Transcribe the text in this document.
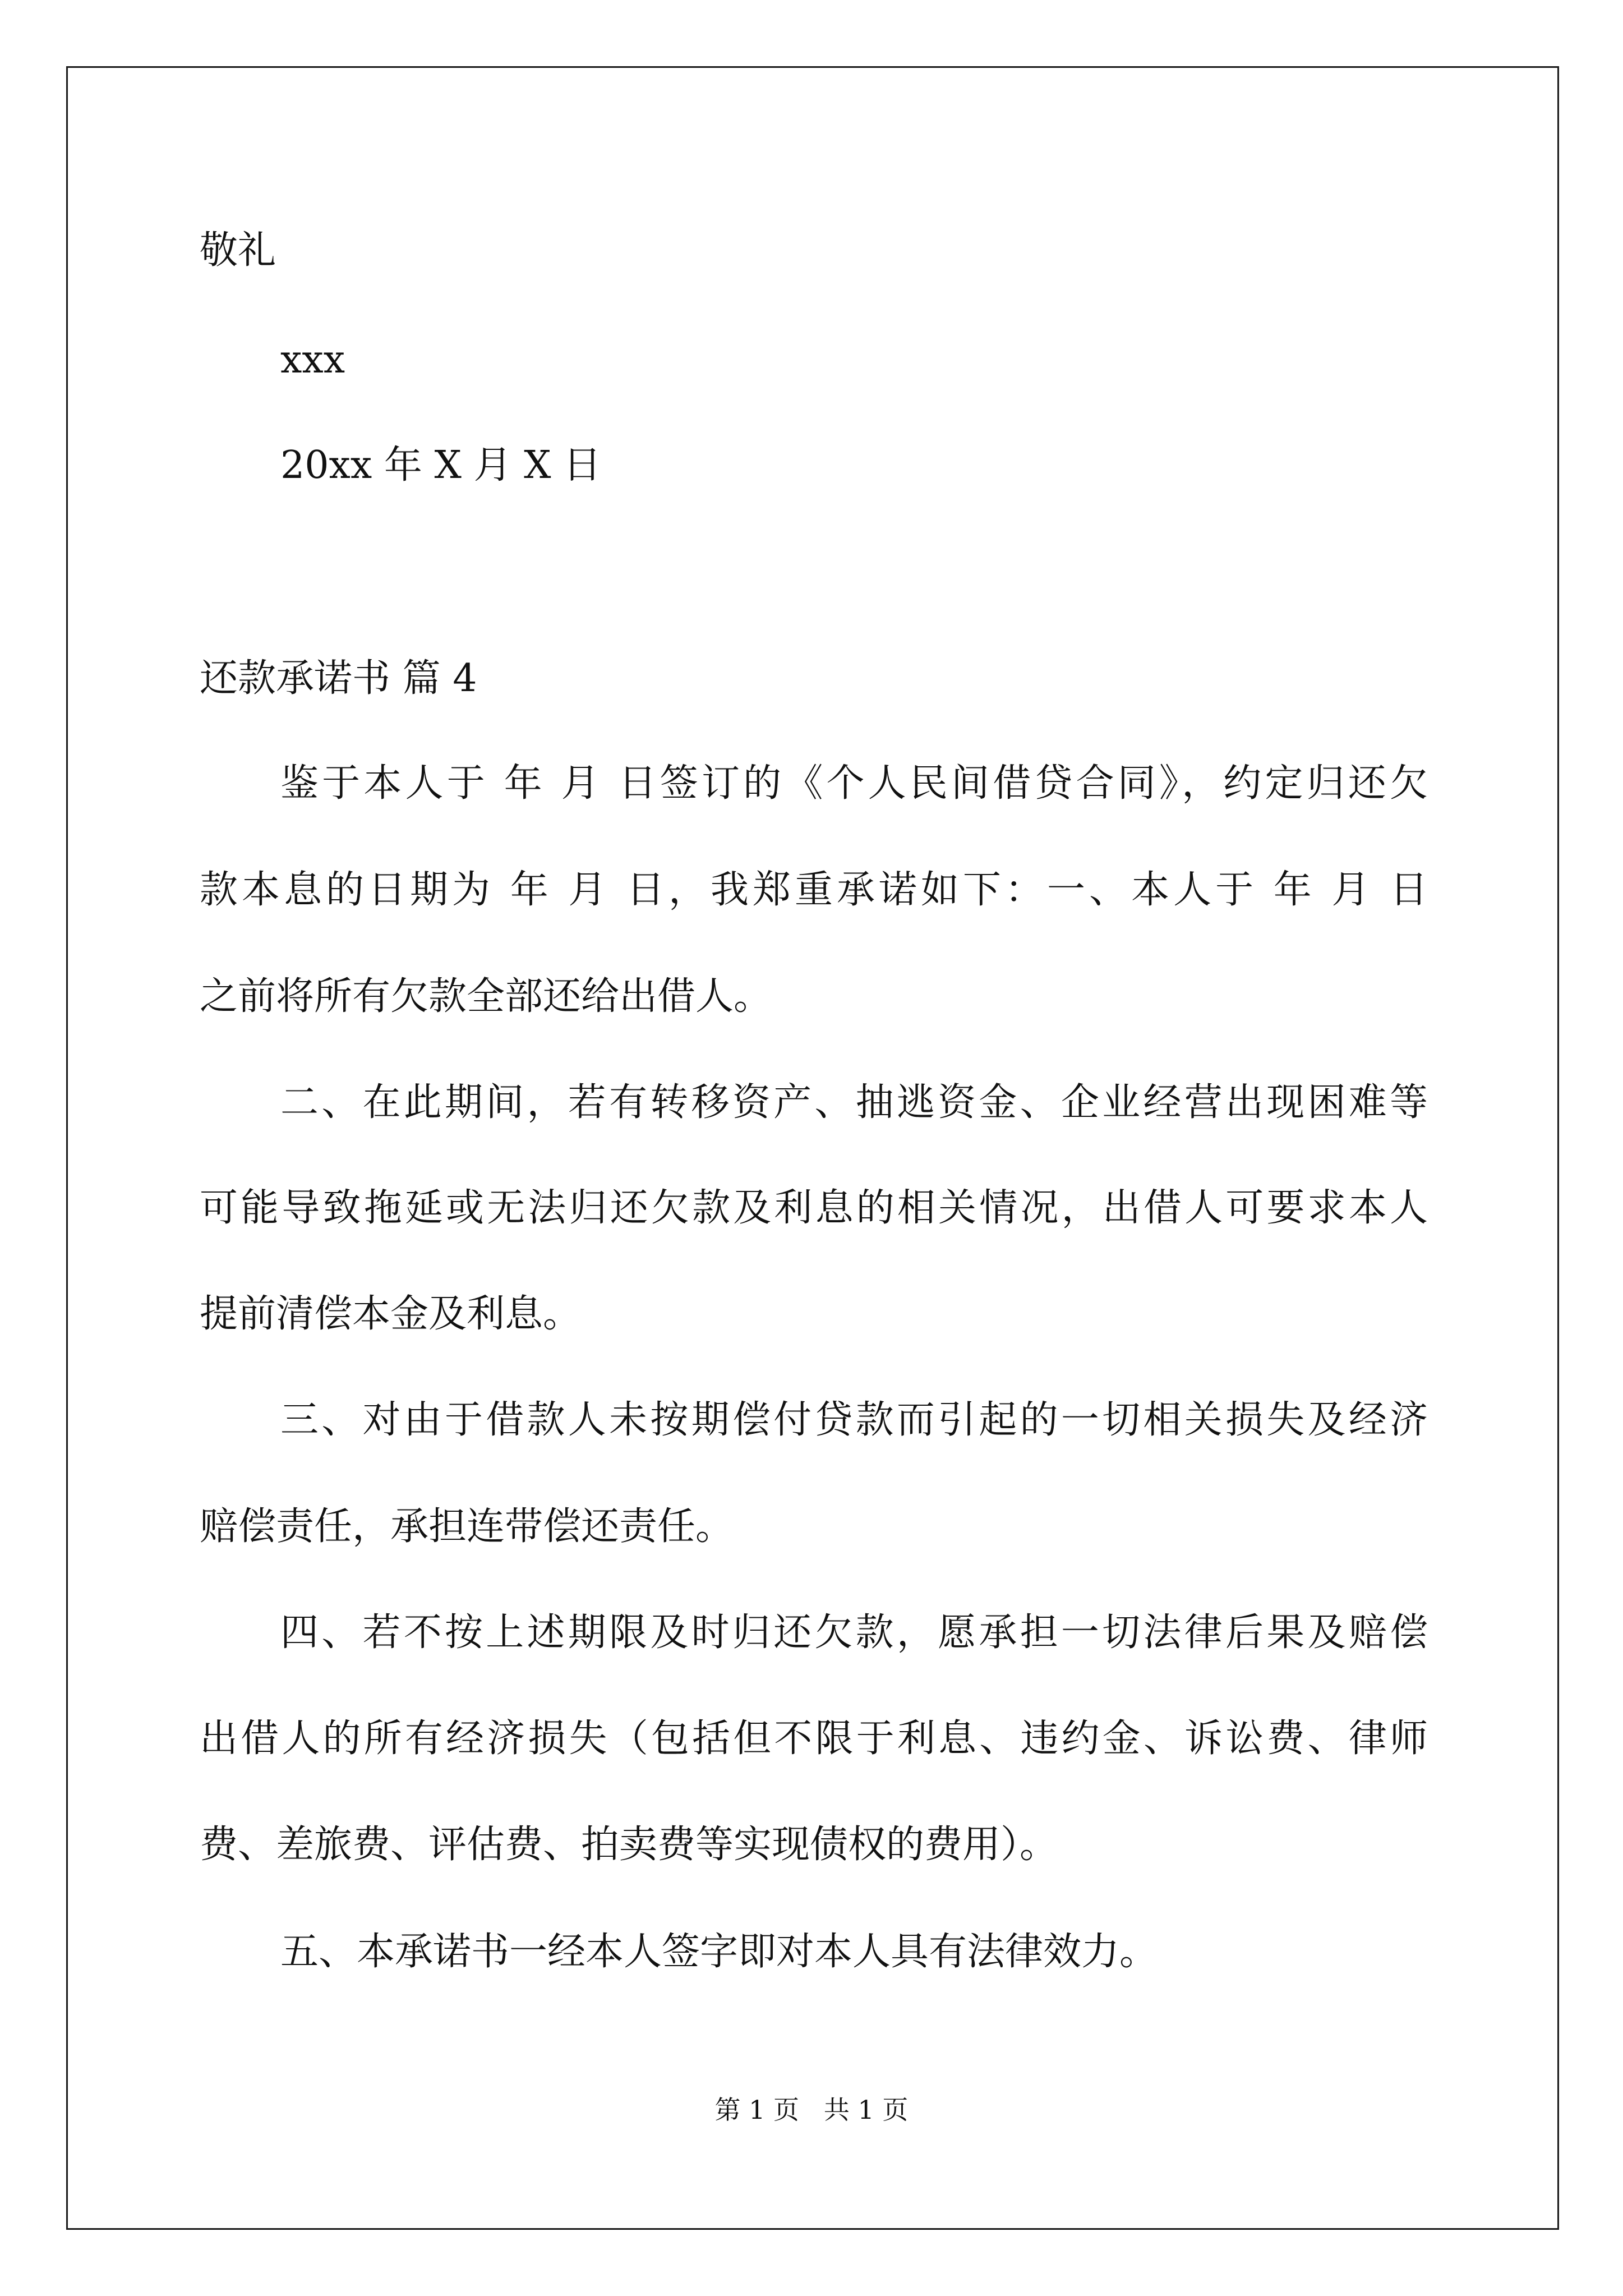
敬礼
xxx
20xx 年 X 月 X 日
还款承诺书 篇 4
鉴于本人于 年 月 日签订的《个人民间借贷合同》，约定归还欠
款本息的日期为 年 月 日，我郑重承诺如下：一、本人于 年 月 日
之前将所有欠款全部还给出借人。
二、在此期间，若有转移资产、抽逃资金、企业经营出现困难等
可能导致拖延或无法归还欠款及利息的相关情况，出借人可要求本人
提前清偿本金及利息。
三、对由于借款人未按期偿付贷款而引起的一切相关损失及经济
赔偿责任，承担连带偿还责任。
四、若不按上述期限及时归还欠款，愿承担一切法律后果及赔偿
出借人的所有经济损失（包括但不限于利息、违约金、诉讼费、律师
费、差旅费、评估费、拍卖费等实现债权的费用）。
五、本承诺书一经本人签字即对本人具有法律效力。
第 1 页   共 1 页
